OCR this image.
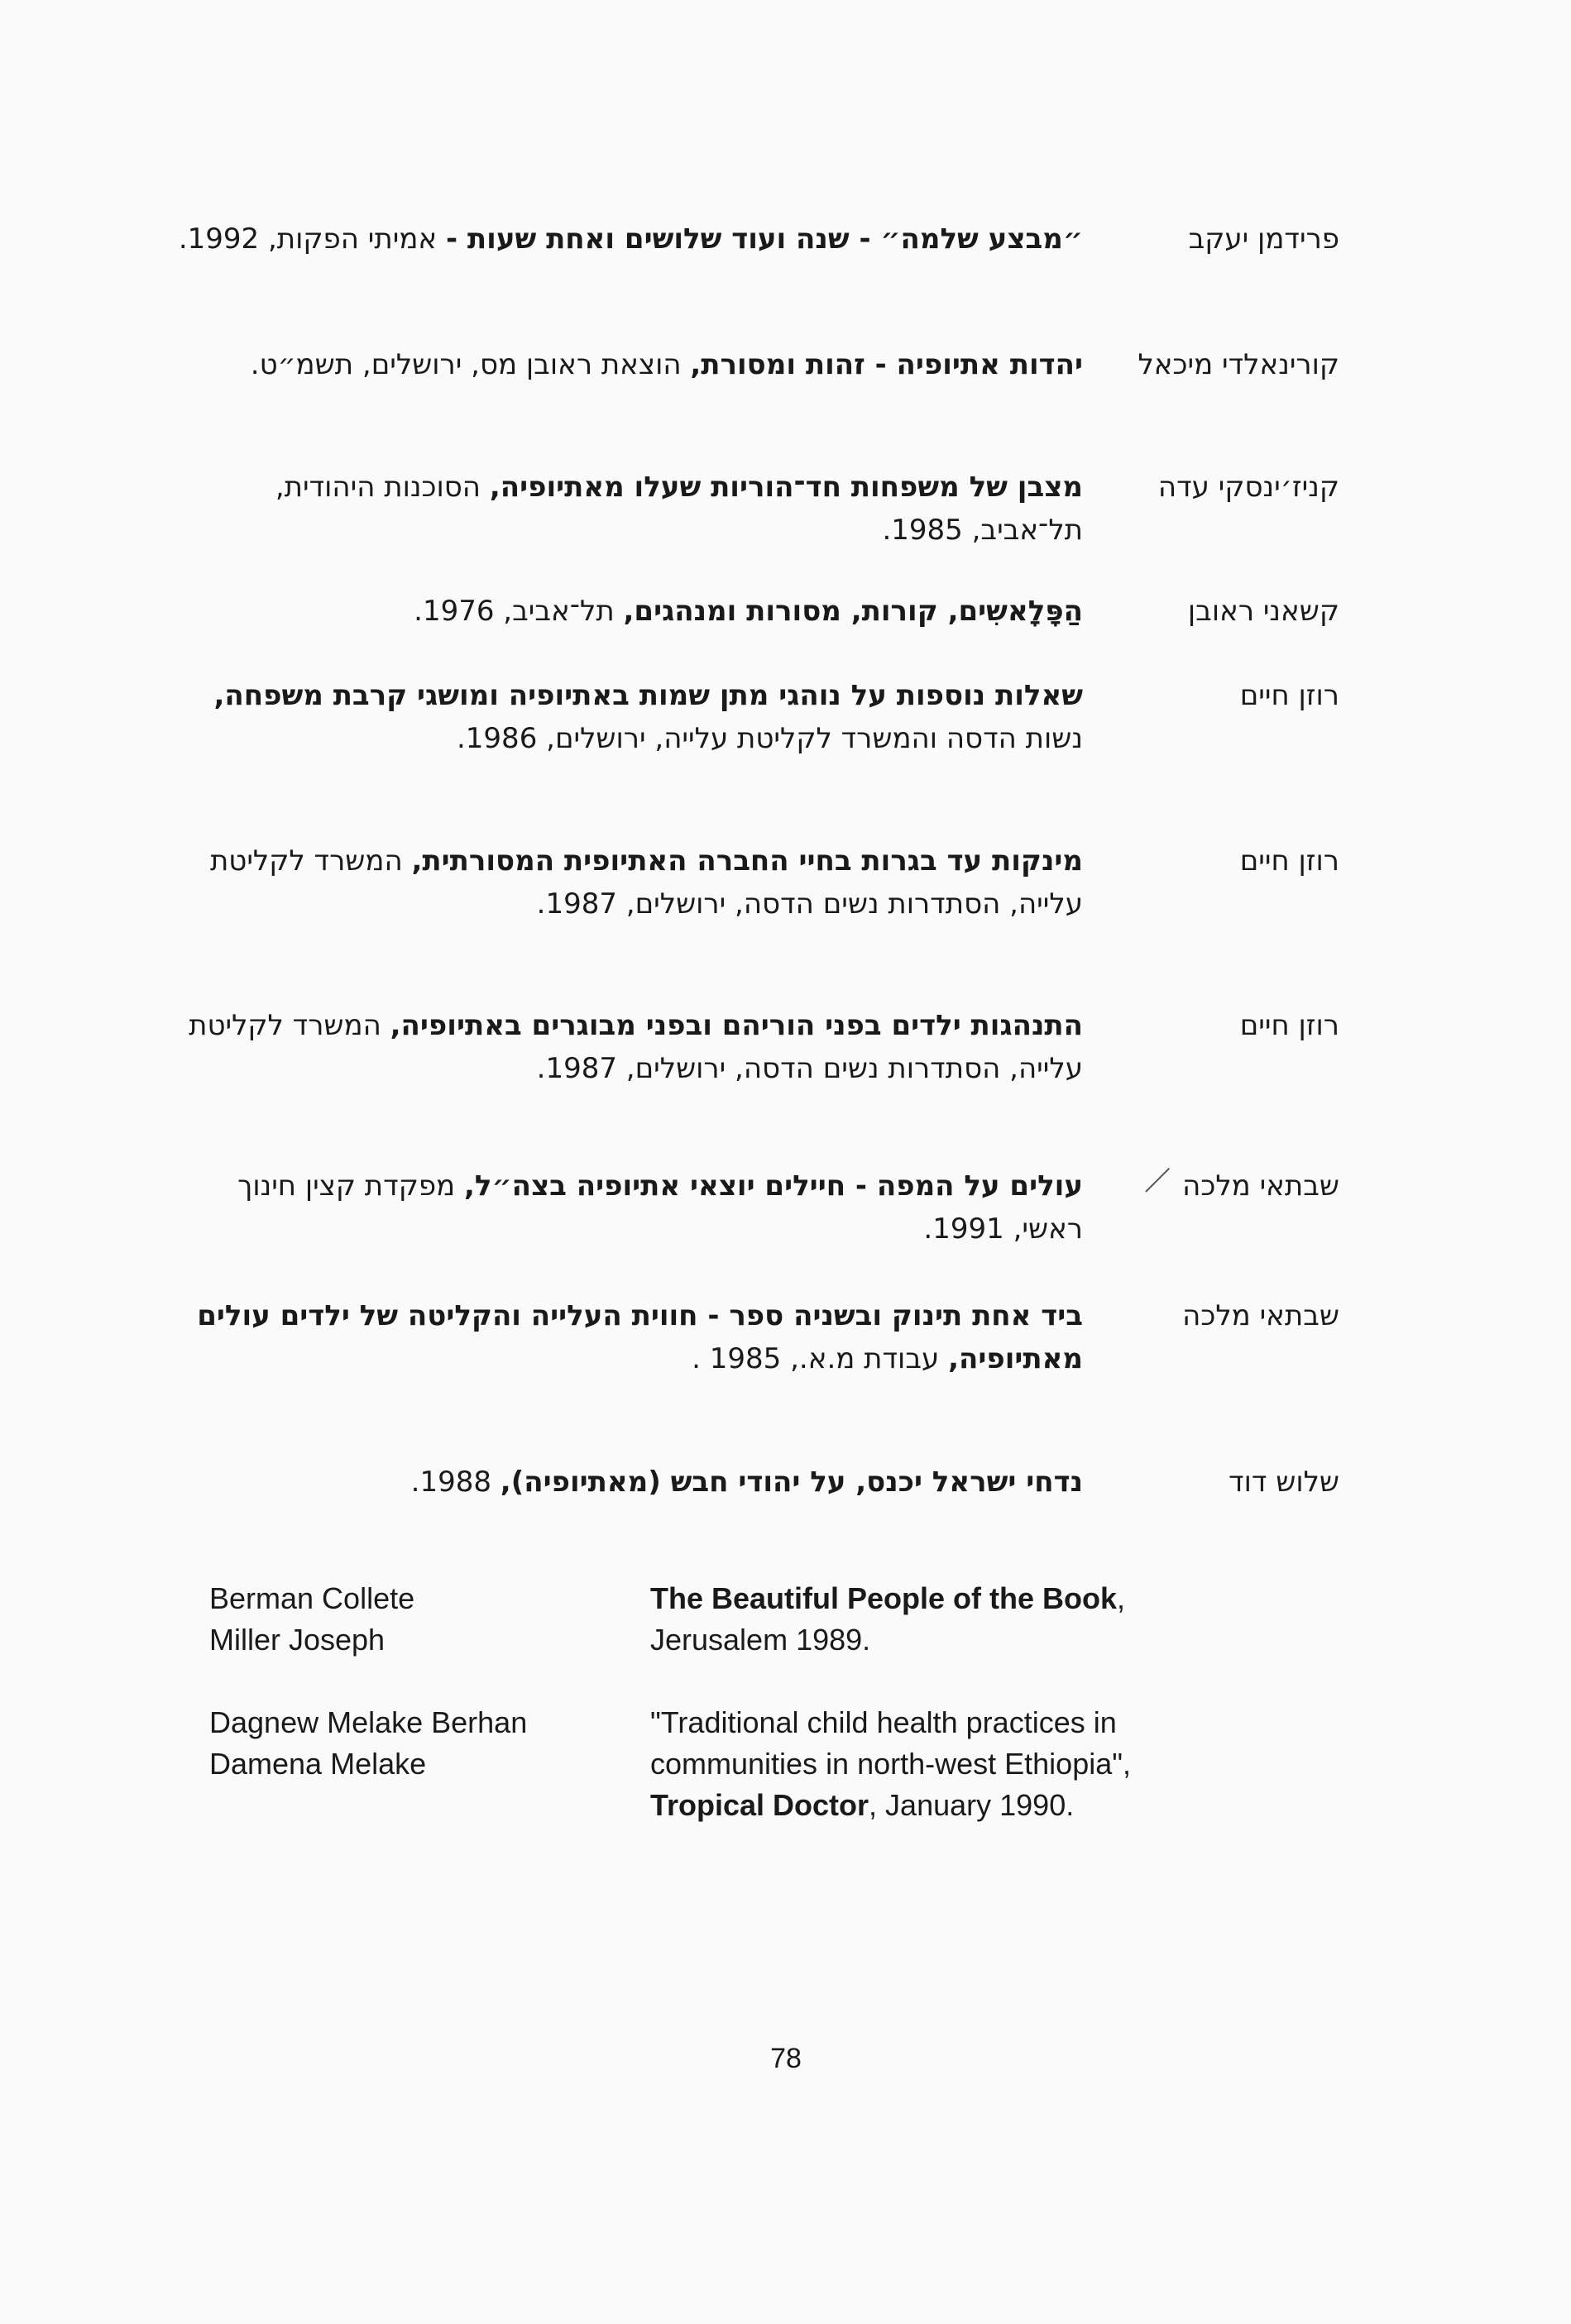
פרידמן יעקב
״מבצע שלמה״ - שנה ועוד שלושים ואחת שעות - אמיתי הפקות, 1992.
קורינאלדי מיכאל
יהדות אתיופיה - זהות ומסורת, הוצאת ראובן מס, ירושלים, תשמ״ט.
קניז׳ינסקי עדה
מצבן של משפחות חד־הוריות שעלו מאתיופיה, הסוכנות היהודית, תל־אביב, 1985.
קשאני ראובן
הַפָּלָאשִים, קורות, מסורות ומנהגים, תל־אביב, 1976.
רוזן חיים
שאלות נוספות על נוהגי מתן שמות באתיופיה ומושגי קרבת משפחה, נשות הדסה והמשרד לקליטת עלייה, ירושלים, 1986.
רוזן חיים
מינקות עד בגרות בחיי החברה האתיופית המסורתית, המשרד לקליטת עלייה, הסתדרות נשים הדסה, ירושלים, 1987.
רוזן חיים
התנהגות ילדים בפני הוריהם ובפני מבוגרים באתיופיה, המשרד לקליטת עלייה, הסתדרות נשים הדסה, ירושלים, 1987.
שבתאי מלכה
עולים על המפה - חיילים יוצאי אתיופיה בצה״ל, מפקדת קצין חינוך ראשי, 1991.
שבתאי מלכה
ביד אחת תינוק ובשניה ספר - חווית העלייה והקליטה של ילדים עולים מאתיופיה, עבודת מ.א., 1985 .
שלוש דוד
נדחי ישראל יכנס, על יהודי חבש (מאתיופיה), 1988.
Berman Collete
Miller Joseph
The Beautiful People of the Book,
Jerusalem 1989.
Dagnew Melake Berhan
Damena Melake
"Traditional child health practices in
communities in north-west Ethiopia",
Tropical Doctor, January 1990.
78
